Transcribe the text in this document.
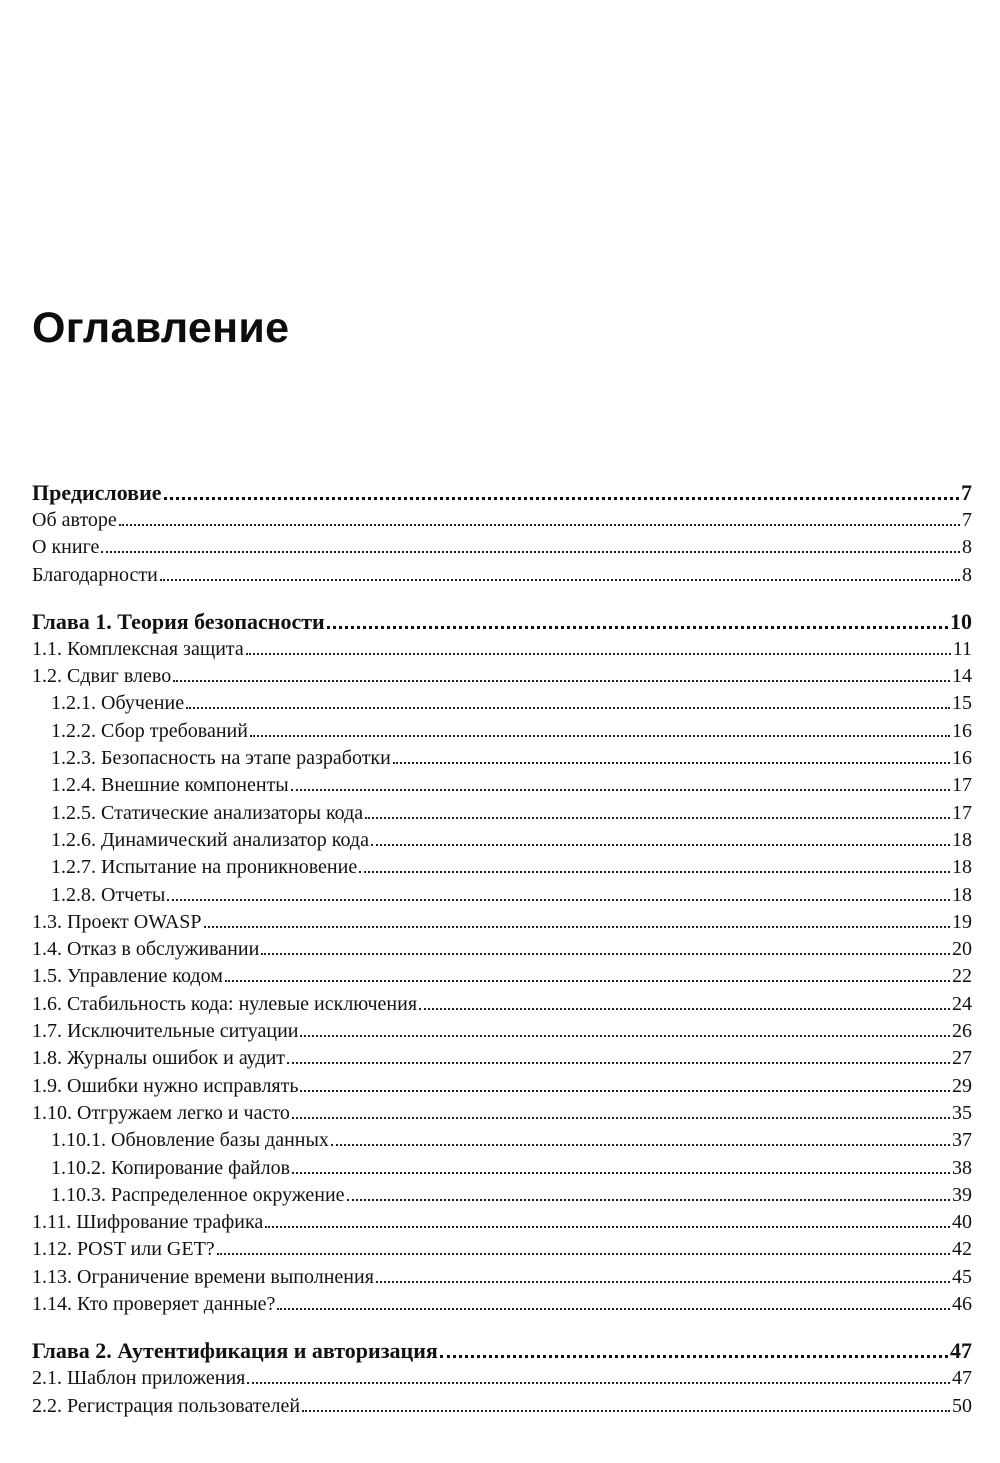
Оглавление
Предисловие	7
Об авторе	7
О книге	8
Благодарности	8
Глава 1. Теория безопасности	10
1.1. Комплексная защита	11
1.2. Сдвиг влево	14
1.2.1. Обучение	15
1.2.2. Сбор требований	16
1.2.3. Безопасность на этапе разработки	16
1.2.4. Внешние компоненты	17
1.2.5. Статические анализаторы кода	17
1.2.6. Динамический анализатор кода	18
1.2.7. Испытание на проникновение	18
1.2.8. Отчеты	18
1.3. Проект OWASP	19
1.4. Отказ в обслуживании	20
1.5. Управление кодом	22
1.6. Стабильность кода: нулевые исключения	24
1.7. Исключительные ситуации	26
1.8. Журналы ошибок и аудит	27
1.9. Ошибки нужно исправлять	29
1.10. Отгружаем легко и часто	35
1.10.1. Обновление базы данных	37
1.10.2. Копирование файлов	38
1.10.3. Распределенное окружение	39
1.11. Шифрование трафика	40
1.12. POST или GET?	42
1.13. Ограничение времени выполнения	45
1.14. Кто проверяет данные?	46
Глава 2. Аутентификация и авторизация	47
2.1. Шаблон приложения	47
2.2. Регистрация пользователей	50
